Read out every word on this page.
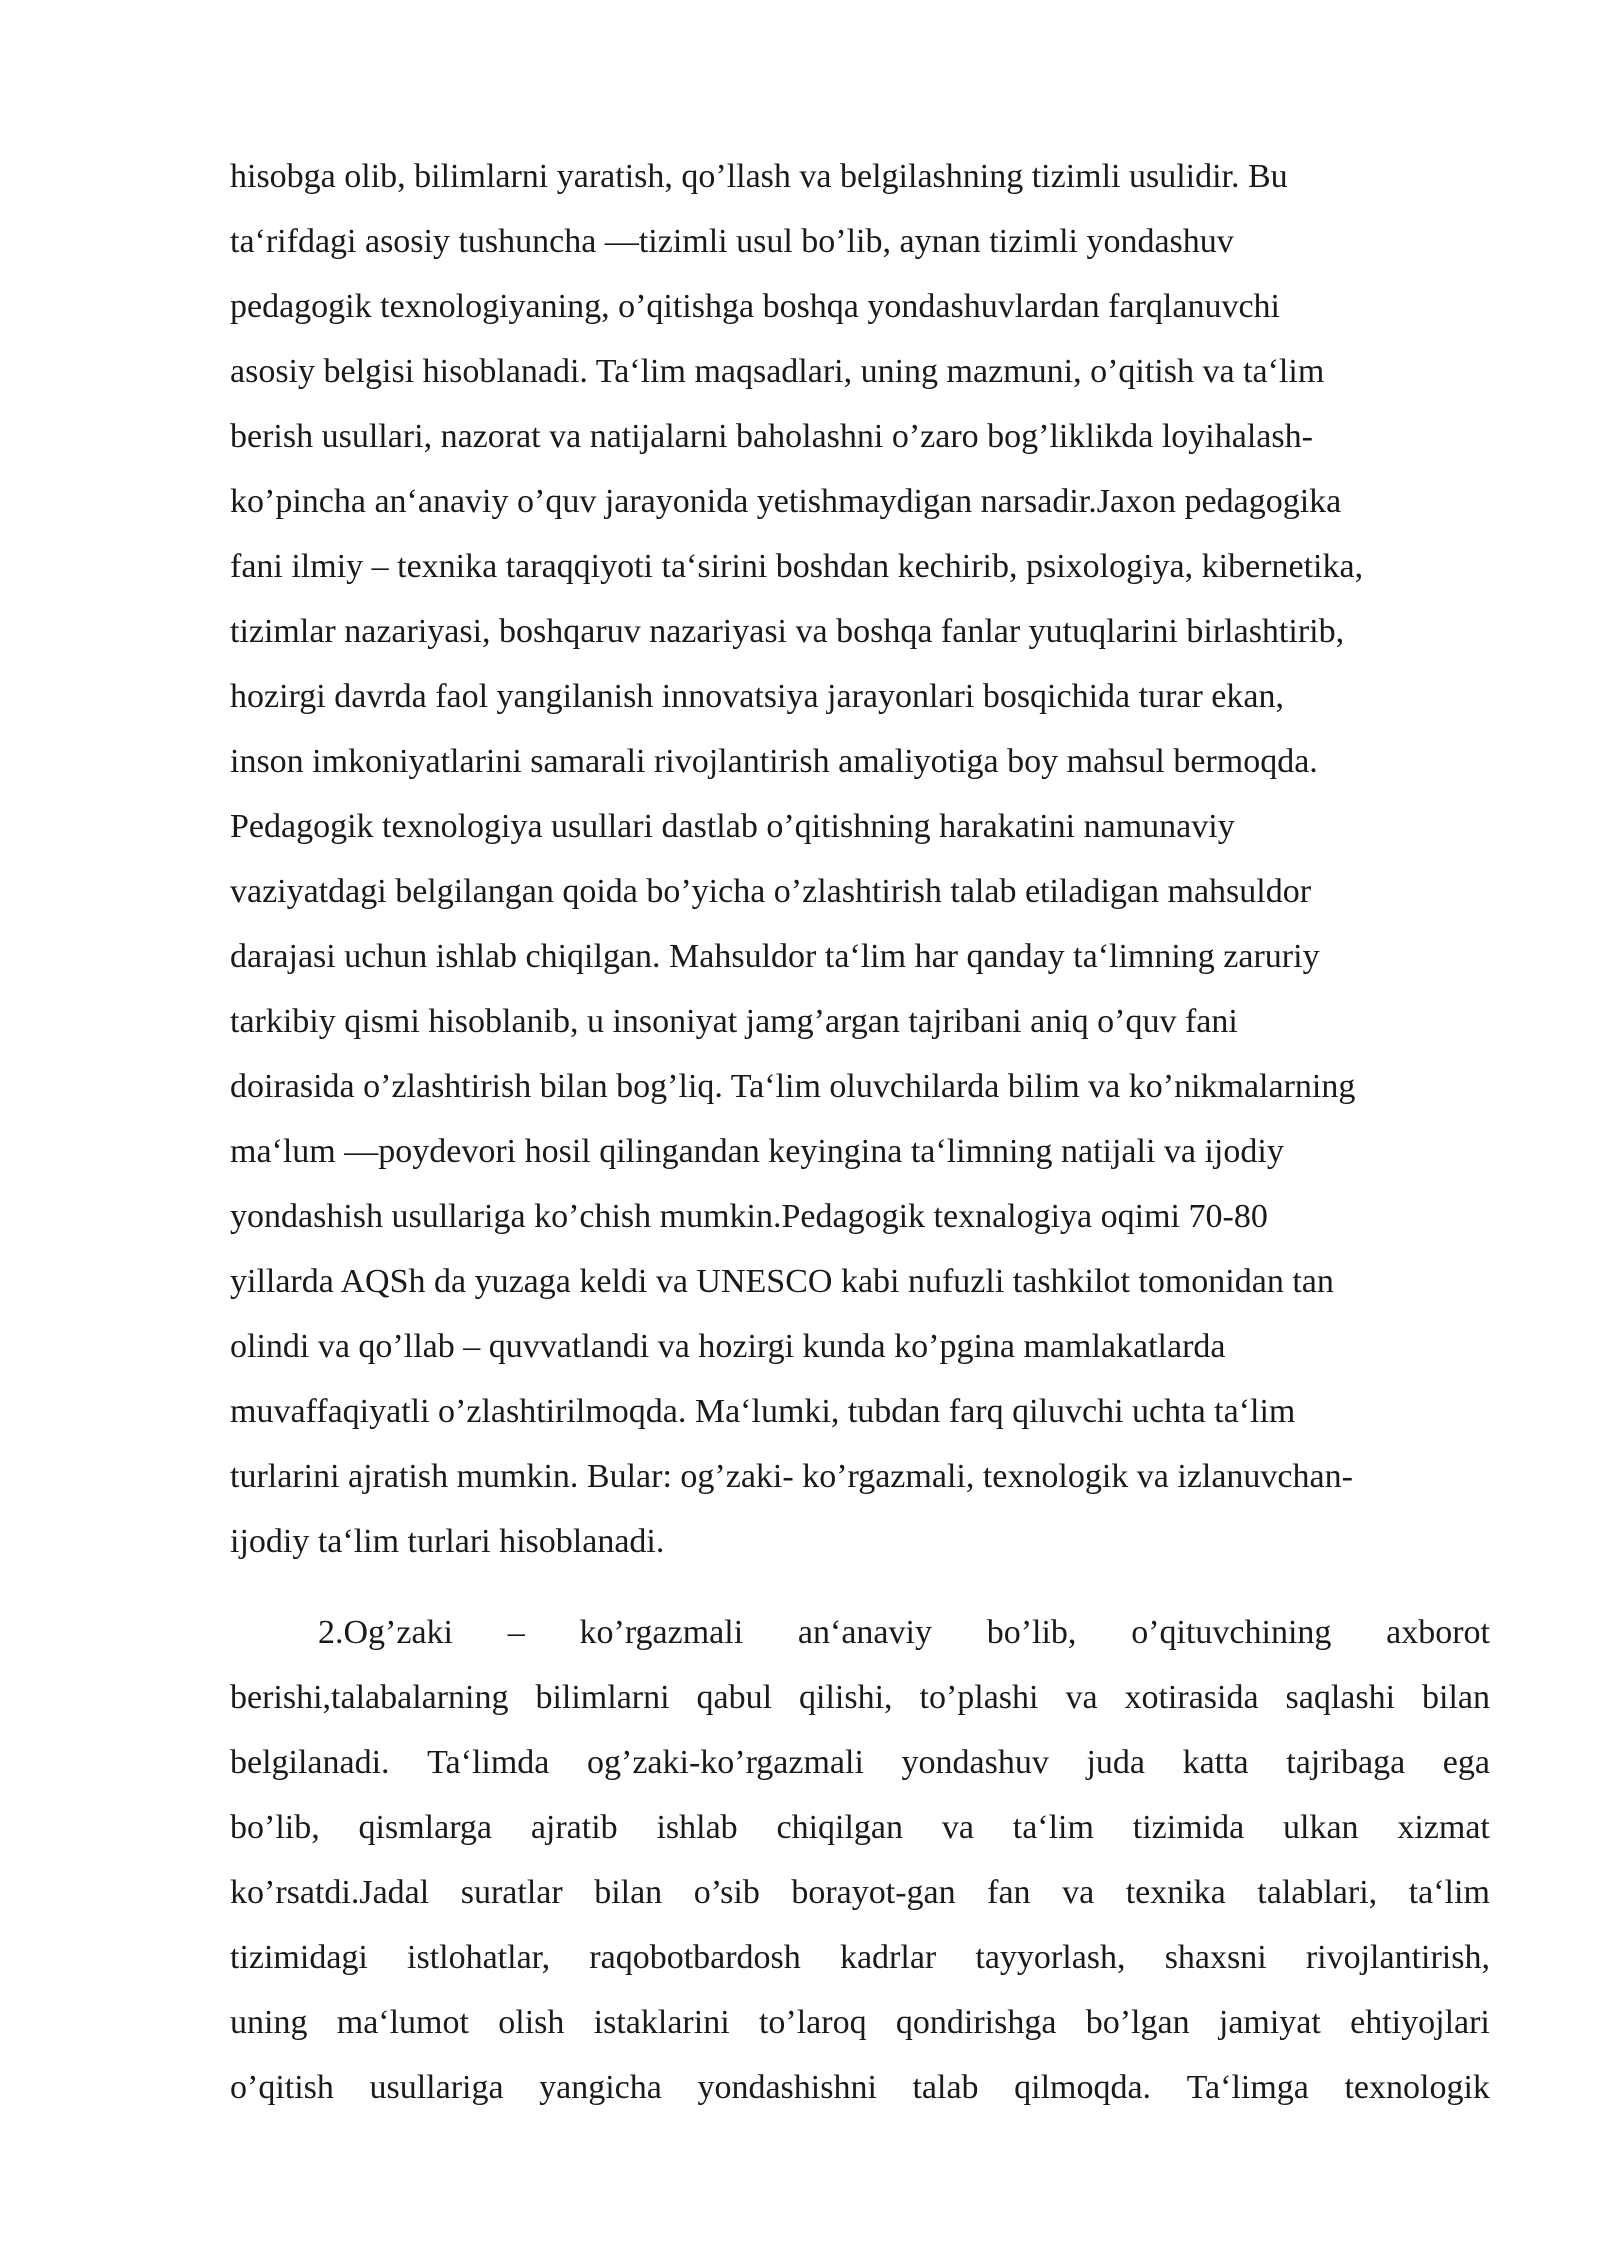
hisobga olib, bilimlarni yaratish, qo’llash va belgilashning tizimli usulidir. Bu
ta‘rifdagi asosiy tushuncha —tizimli usul bo’lib, aynan tizimli yondashuv
pedagogik texnologiyaning, o’qitishga boshqa yondashuvlardan farqlanuvchi
asosiy belgisi hisoblanadi. Ta‘lim maqsadlari, uning mazmuni, o’qitish va ta‘lim
berish usullari, nazorat va natijalarni baholashni o’zaro bog’liklikda loyihalash-
ko’pincha an‘anaviy o’quv jarayonida yetishmaydigan narsadir.Jaxon pedagogika
fani ilmiy – texnika taraqqiyoti ta‘sirini boshdan kechirib, psixologiya, kibernetika,
tizimlar nazariyasi, boshqaruv nazariyasi va boshqa fanlar yutuqlarini birlashtirib,
hozirgi davrda faol yangilanish innovatsiya jarayonlari bosqichida turar ekan,
inson imkoniyatlarini samarali rivojlantirish amaliyotiga boy mahsul bermoqda.
Pedagogik texnologiya usullari dastlab o’qitishning harakatini namunaviy
vaziyatdagi belgilangan qoida bo’yicha o’zlashtirish talab etiladigan mahsuldor
darajasi uchun ishlab chiqilgan. Mahsuldor ta‘lim har qanday ta‘limning zaruriy
tarkibiy qismi hisoblanib, u insoniyat jamg’argan tajribani aniq o’quv fani
doirasida o’zlashtirish bilan bog’liq. Ta‘lim oluvchilarda bilim va ko’nikmalarning
ma‘lum —poydevori hosil qilingandan keyingina ta‘limning natijali va ijodiy
yondashish usullariga ko’chish mumkin.Pedagogik texnalogiya oqimi 70-80
yillarda AQSh da yuzaga keldi va UNESCO kabi nufuzli tashkilot tomonidan tan
olindi va qo’llab – quvvatlandi va hozirgi kunda ko’pgina mamlakatlarda
muvaffaqiyatli o’zlashtirilmoqda. Ma‘lumki, tubdan farq qiluvchi uchta ta‘lim
turlarini ajratish mumkin. Bular: og’zaki- ko’rgazmali, texnologik va izlanuvchan-
ijodiy ta‘lim turlari hisoblanadi.
2.Og’zaki – ko’rgazmali an‘anaviy bo’lib, o’qituvchining axborot
berishi,talabalarning bilimlarni qabul qilishi, to’plashi va xotirasida saqlashi bilan
belgilanadi. Ta‘limda og’zaki-ko’rgazmali yondashuv juda katta tajribaga ega
bo’lib, qismlarga ajratib ishlab chiqilgan va ta‘lim tizimida ulkan xizmat
ko’rsatdi.Jadal suratlar bilan o’sib borayot-gan fan va texnika talablari, ta‘lim
tizimidagi istlohatlar, raqobotbardosh kadrlar tayyorlash, shaxsni rivojlantirish,
uning ma‘lumot olish istaklarini to’laroq qondirishga bo’lgan jamiyat ehtiyojlari
o’qitish usullariga yangicha yondashishni talab qilmoqda. Ta‘limga texnologik
